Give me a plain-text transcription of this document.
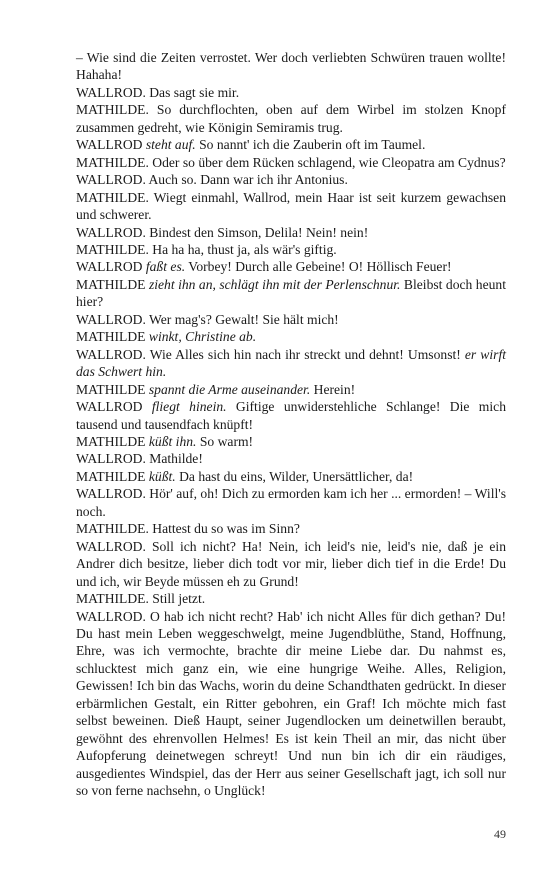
– Wie sind die Zeiten verrostet. Wer doch verliebten Schwüren trauen wollte! Hahaha!

WALLROD. Das sagt sie mir.

MATHILDE. So durchflochten, oben auf dem Wirbel im stolzen Knopf zusammen gedreht, wie Königin Semiramis trug.

WALLROD steht auf. So nannt' ich die Zauberin oft im Taumel.

MATHILDE. Oder so über dem Rücken schlagend, wie Cleopatra am Cydnus?

WALLROD. Auch so. Dann war ich ihr Antonius.

MATHILDE. Wiegt einmahl, Wallrod, mein Haar ist seit kurzem gewachsen und schwerer.

WALLROD. Bindest den Simson, Delila! Nein! nein!

MATHILDE. Ha ha ha, thust ja, als wär's giftig.

WALLROD faßt es. Vorbey! Durch alle Gebeine! O! Höllisch Feuer!

MATHILDE zieht ihn an, schlägt ihn mit der Perlenschnur. Bleibst doch heunt hier?

WALLROD. Wer mag's? Gewalt! Sie hält mich!

MATHILDE winkt, Christine ab.

WALLROD. Wie Alles sich hin nach ihr streckt und dehnt! Umsonst! er wirft das Schwert hin.

MATHILDE spannt die Arme auseinander. Herein!

WALLROD fliegt hinein. Giftige unwiderstehliche Schlange! Die mich tausend und tausendfach knüpft!

MATHILDE küßt ihn. So warm!

WALLROD. Mathilde!

MATHILDE küßt. Da hast du eins, Wilder, Unersättlicher, da!

WALLROD. Hör' auf, oh! Dich zu ermorden kam ich her ... ermorden! – Will's noch.

MATHILDE. Hattest du so was im Sinn?

WALLROD. Soll ich nicht? Ha! Nein, ich leid's nie, leid's nie, daß je ein Andrer dich besitze, lieber dich todt vor mir, lieber dich tief in die Erde! Du und ich, wir Beyde müssen eh zu Grund!

MATHILDE. Still jetzt.

WALLROD. O hab ich nicht recht? Hab' ich nicht Alles für dich gethan? Du! Du hast mein Leben weggeschwelgt, meine Jugendblüthe, Stand, Hoffnung, Ehre, was ich vermochte, brachte dir meine Liebe dar. Du nahmst es, schlucktest mich ganz ein, wie eine hungrige Weihe. Alles, Religion, Gewissen! Ich bin das Wachs, worin du deine Schandthaten gedrückt. In dieser erbärmlichen Gestalt, ein Ritter gebohren, ein Graf! Ich möchte mich fast selbst beweinen. Dieß Haupt, seiner Jugendlocken um deinetwillen beraubt, gewöhnt des ehrenvollen Helmes! Es ist kein Theil an mir, das nicht über Aufopferung deinetwegen schreyt! Und nun bin ich dir ein räudiges, ausgedientes Windspiel, das der Herr aus seiner Gesellschaft jagt, ich soll nur so von ferne nachsehn, o Unglück!

49
